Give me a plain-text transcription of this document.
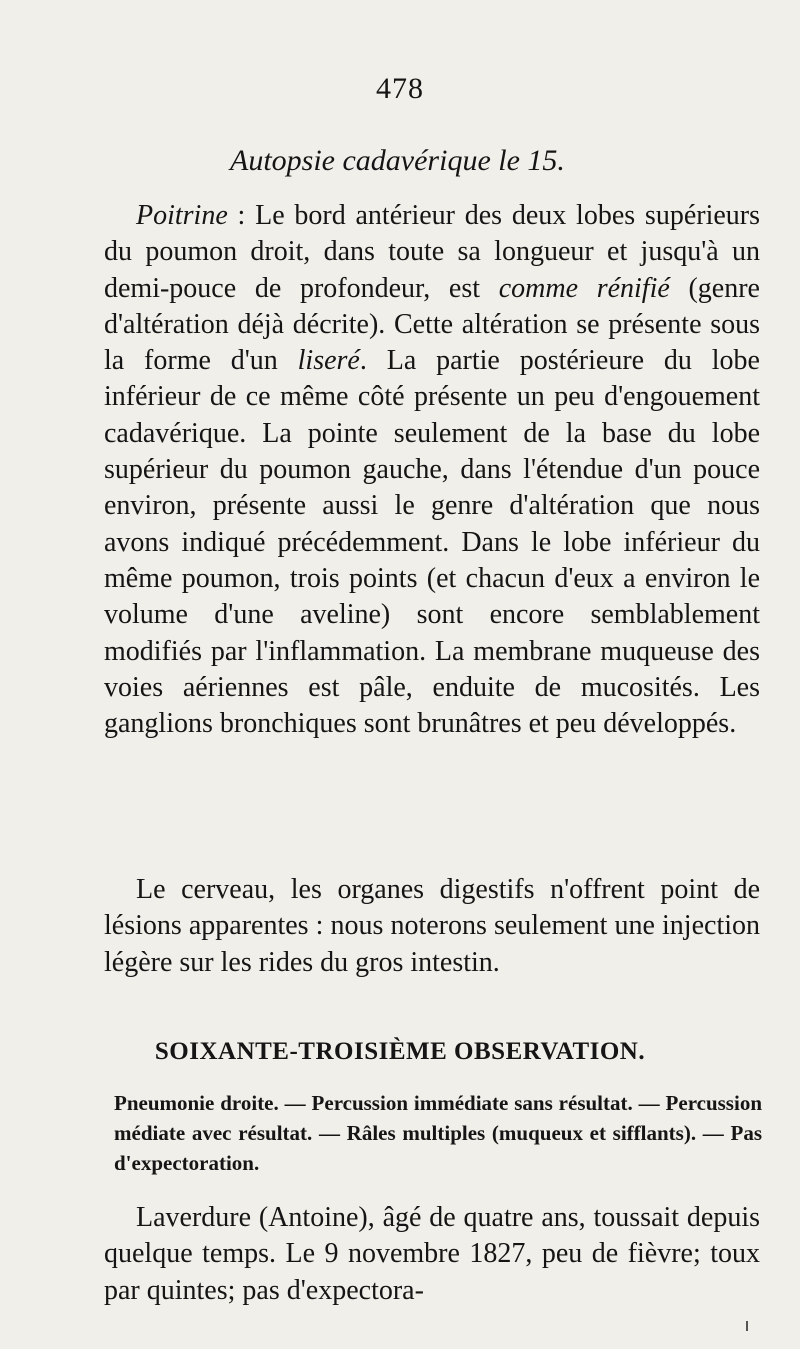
478
Autopsie cadavérique le 15.

Poitrine : Le bord antérieur des deux lobes supérieurs du poumon droit, dans toute sa longueur et jusqu'à un demi-pouce de profondeur, est comme rénifié (genre d'altération déjà décrite). Cette altération se présente sous la forme d'un liseré. La partie postérieure du lobe inférieur de ce même côté présente un peu d'engouement cadavérique. La pointe seulement de la base du lobe supérieur du poumon gauche, dans l'étendue d'un pouce environ, présente aussi le genre d'altération que nous avons indiqué précédemment. Dans le lobe inférieur du même poumon, trois points (et chacun d'eux a environ le volume d'une aveline) sont encore semblablement modifiés par l'inflammation. La membrane muqueuse des voies aériennes est pâle, enduite de mucosités. Les ganglions bronchiques sont brunâtres et peu développés.

Le cerveau, les organes digestifs n'offrent point de lésions apparentes : nous noterons seulement une injection légère sur les rides du gros intestin.

SOIXANTE-TROISIÈME OBSERVATION.
Pneumonie droite. — Percussion immédiate sans résultat. — Percussion médiate avec résultat. — Râles multiples (muqueux et sifflants). — Pas d'expectoration.

Laverdure (Antoine), âgé de quatre ans, toussait depuis quelque temps. Le 9 novembre 1827, peu de fièvre; toux par quintes; pas d'expectora-
